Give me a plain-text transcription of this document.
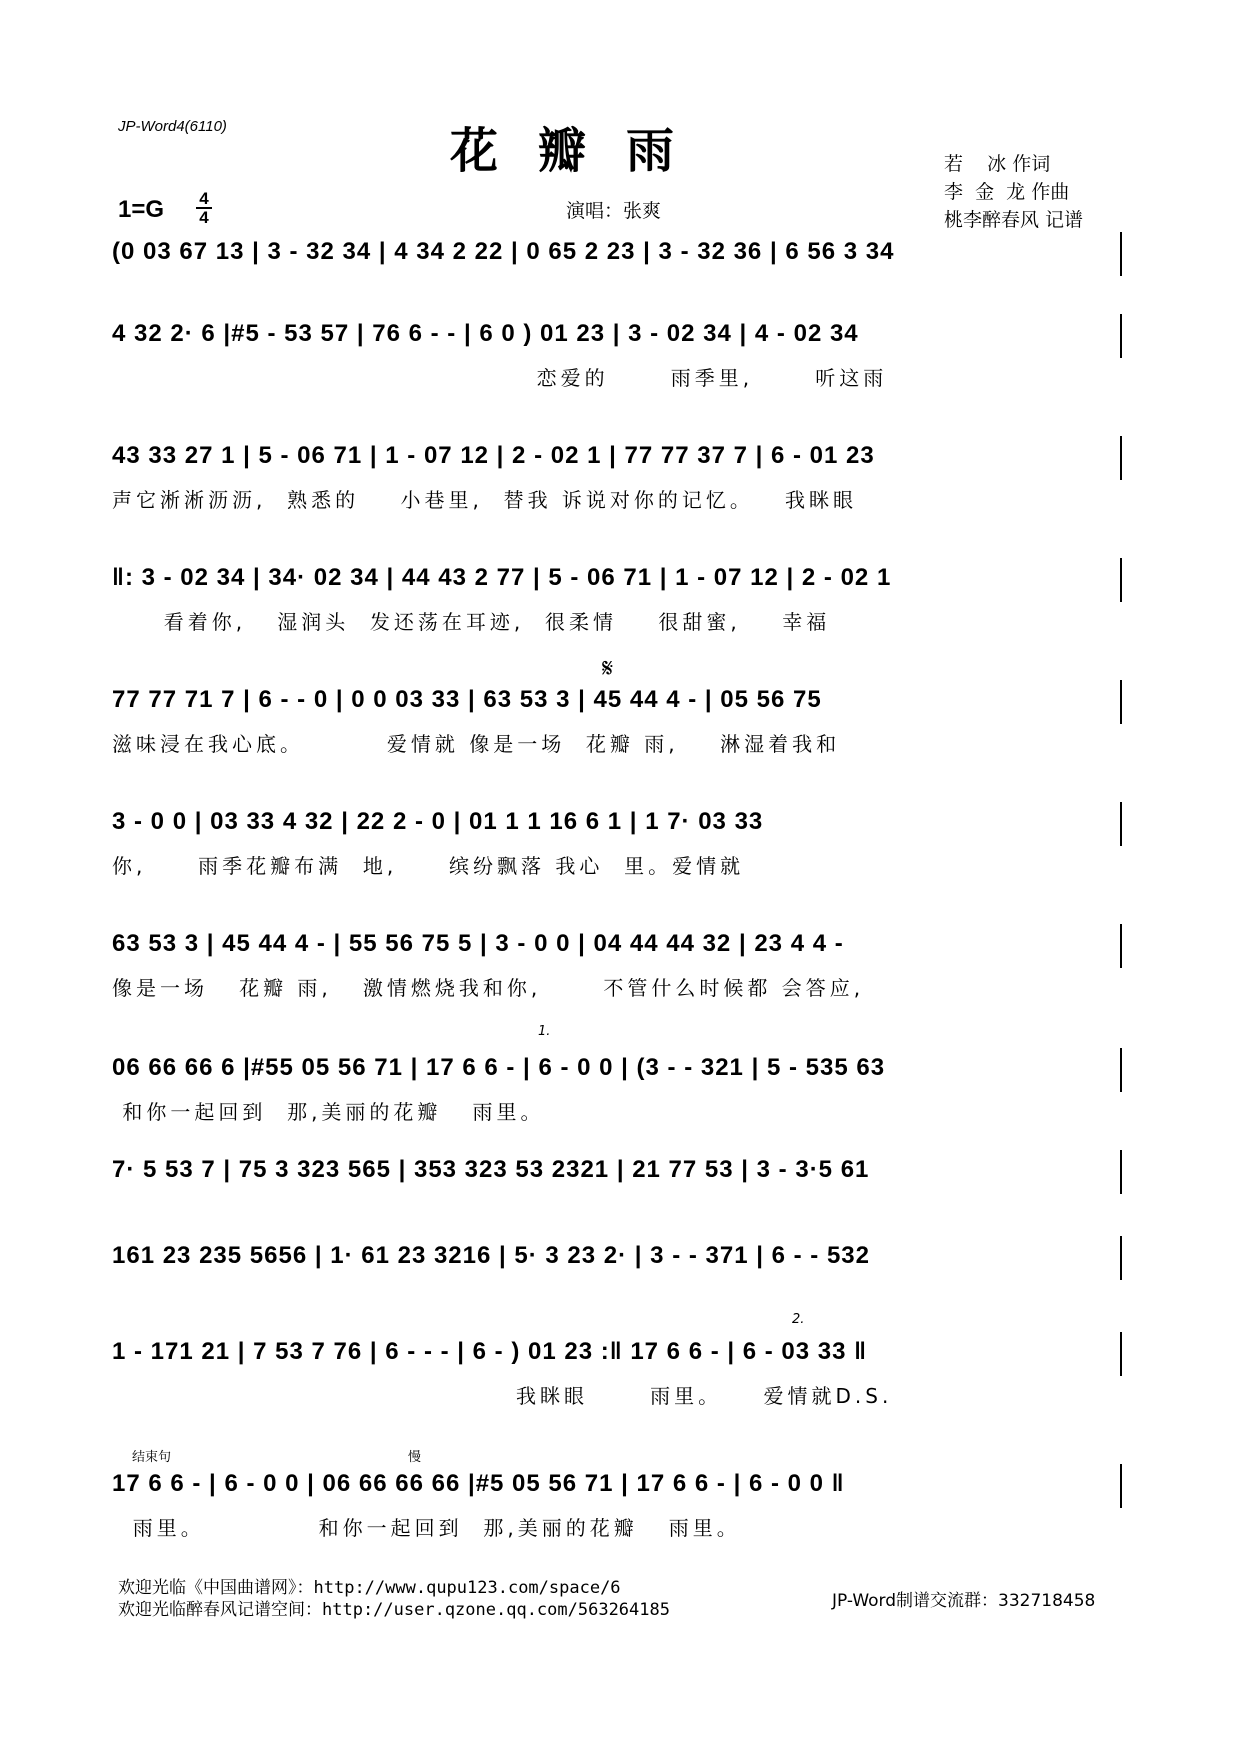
JP-Word4(6110)	花瓣雨
1=G	4
4	演唱：张爽
若    冰 作词
李  金  龙 作曲
桃李醉春风 记谱
(0 03 67 13 | 3 - 32 34 | 4 34 2 22 | 0 65 2 23 | 3 - 32 36 | 6 56 3 34
4 32 2· 6 |#5 - 53 57 | 76 6 - - | 6 0 ) 01 23 | 3 - 02 34 | 4 - 02 34
恋爱的      雨季里,      听这雨
43 33 27 1 | 5 - 06 71 | 1 - 07 12 | 2 - 02 1 | 77 77 37 7 | 6 - 01 23
声它淅淅沥沥,  熟悉的    小巷里,  替我 诉说对你的记忆。   我眯眼
‖: 3 - 02 34 | 34· 02 34 | 44 43 2 77 | 5 - 06 71 | 1 - 07 12 | 2 - 02 1
看着你,   湿润头  发还荡在耳迹,  很柔情    很甜蜜,    幸福
77 77 71 7 | 6 - - 0 | 0 0 03 33 | 63 53 3 | 45 44 4 - | 05 56 75
滋味浸在我心底。        爱情就 像是一场  花瓣 雨,    淋湿着我和
3 - 0 0 | 03 33 4 32 | 22 2 - 0 | 01 1 1 16 6 1 | 1 7· 03 33
你,     雨季花瓣布满  地,     缤纷飘落 我心  里。爱情就
63 53 3 | 45 44 4 - | 55 56 75 5 | 3 - 0 0 | 04 44 44 32 | 23 4 4 -
像是一场   花瓣 雨,   激情燃烧我和你,      不管什么时候都 会答应,
06 66 66 6 |#55 05 56 71 | 17 6 6 - | 6 - 0 0 | (3 - - 321 | 5 - 535 63
和你一起回到  那,美丽的花瓣   雨里。
7· 5 53 7 | 75 3 323 565 | 353 323 53 2321 | 21 77 53 | 3 - 3·5 61
161 23 235 5656 | 1· 61 23 3216 | 5· 3 23 2· | 3 - - 371 | 6 - - 532
1 - 171 21 | 7 53 7 76 | 6 - - - | 6 - ) 01 23 :‖ 17 6 6 - | 6 - 03 33 ‖
我眯眼      雨里。    爱情就D.S.
17 6 6 - | 6 - 0 0 | 06 66 66 66 |#5 05 56 71 | 17 6 6 - | 6 - 0 0 ‖
雨里。           和你一起回到  那,美丽的花瓣   雨里。
1.
2.
𝄋
结束句	慢
欢迎光临《中国曲谱网》：http://www.qupu123.com/space/6
欢迎光临醉春风记谱空间：http://user.qzone.qq.com/563264185	JP-Word制谱交流群：332718458
